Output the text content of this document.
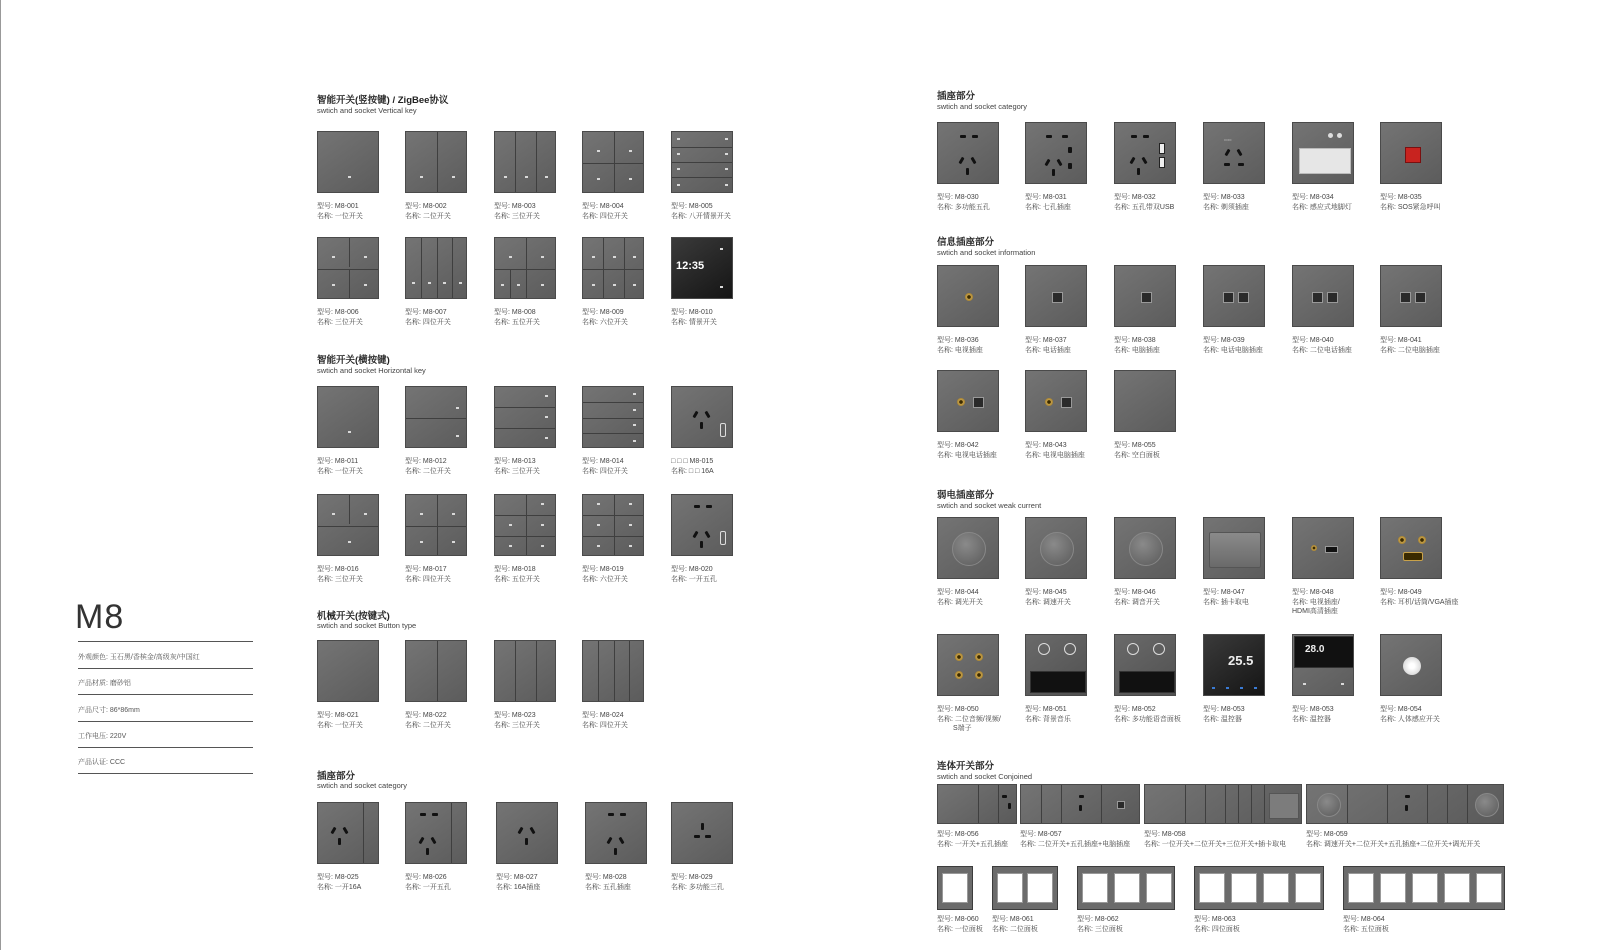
M8
外观颜色: 玉石黑/香槟金/高级灰/中国红
产品材质: 磨砂铝
产品尺寸: 86*86mm
工作电压: 220V
产品认证: CCC
智能开关(竖按键) / ZigBee协议
swtich and socket Vertical key
型号: M8-001
名称: 一位开关
型号: M8-002
名称: 二位开关
型号: M8-003
名称: 三位开关
型号: M8-004
名称: 四位开关
型号: M8-005
名称: 八开情景开关
型号: M8-006
名称: 三位开关
型号: M8-007
名称: 四位开关
型号: M8-008
名称: 五位开关
型号: M8-009
名称: 六位开关
12:35
型号: M8-010
名称: 情景开关
智能开关(横按键)
swtich and socket Horizontal key
型号: M8-011
名称: 一位开关
型号: M8-012
名称: 二位开关
型号: M8-013
名称: 三位开关
型号: M8-014
名称: 四位开关
□ □ □ M8-015
名称: □ □ 16A
型号: M8-016
名称: 三位开关
型号: M8-017
名称: 四位开关
型号: M8-018
名称: 五位开关
型号: M8-019
名称: 六位开关
型号: M8-020
名称: 一开五孔
机械开关(按键式)
swtich and socket Button type
型号: M8-021
名称: 一位开关
型号: M8-022
名称: 二位开关
型号: M8-023
名称: 三位开关
型号: M8-024
名称: 四位开关
插座部分
swtich and socket category
型号: M8-025
名称: 一开16A
型号: M8-026
名称: 一开五孔
型号: M8-027
名称: 16A插座
型号: M8-028
名称: 五孔插座
型号: M8-029
名称: 多功能三孔
插座部分
swtich and socket category
型号: M8-030
名称: 多功能五孔
型号: M8-031
名称: 七孔插座
型号: M8-032
名称: 五孔带双USB
▭▭
型号: M8-033
名称: 剃须插座
型号: M8-034
名称: 感应式地脚灯
型号: M8-035
名称: SOS紧急呼叫
信息插座部分
swtich and socket information
型号: M8-036
名称: 电视插座
型号: M8-037
名称: 电话插座
型号: M8-038
名称: 电脑插座
型号: M8-039
名称: 电话电脑插座
型号: M8-040
名称: 二位电话插座
型号: M8-041
名称: 二位电脑插座
型号: M8-042
名称: 电视电话插座
型号: M8-043
名称: 电视电脑插座
型号: M8-055
名称: 空白面板
弱电插座部分
swtich and socket weak current
型号: M8-044
名称: 调光开关
型号: M8-045
名称: 调速开关
型号: M8-046
名称: 调音开关
型号: M8-047
名称: 插卡取电
型号: M8-048
名称: 电视插座/
HDMI高清插座
型号: M8-049
名称: 耳机/话筒/VGA插座
型号: M8-050
名称: 二位音频/视频/
S端子
型号: M8-051
名称: 背景音乐
型号: M8-052
名称: 多功能语音面板
25.5
型号: M8-053
名称: 温控器
28.0
型号: M8-053
名称: 温控器
型号: M8-054
名称: 人体感应开关
连体开关部分
swtich and socket Conjoined
型号: M8-056
名称: 一开关+五孔插座
型号: M8-057
名称: 二位开关+五孔插座+电脑插座
型号: M8-058
名称: 一位开关+二位开关+三位开关+插卡取电
型号: M8-059
名称: 调速开关+二位开关+五孔插座+二位开关+调光开关
型号: M8-060
名称: 一位面板
型号: M8-061
名称: 二位面板
型号: M8-062
名称: 三位面板
型号: M8-063
名称: 四位面板
型号: M8-064
名称: 五位面板
